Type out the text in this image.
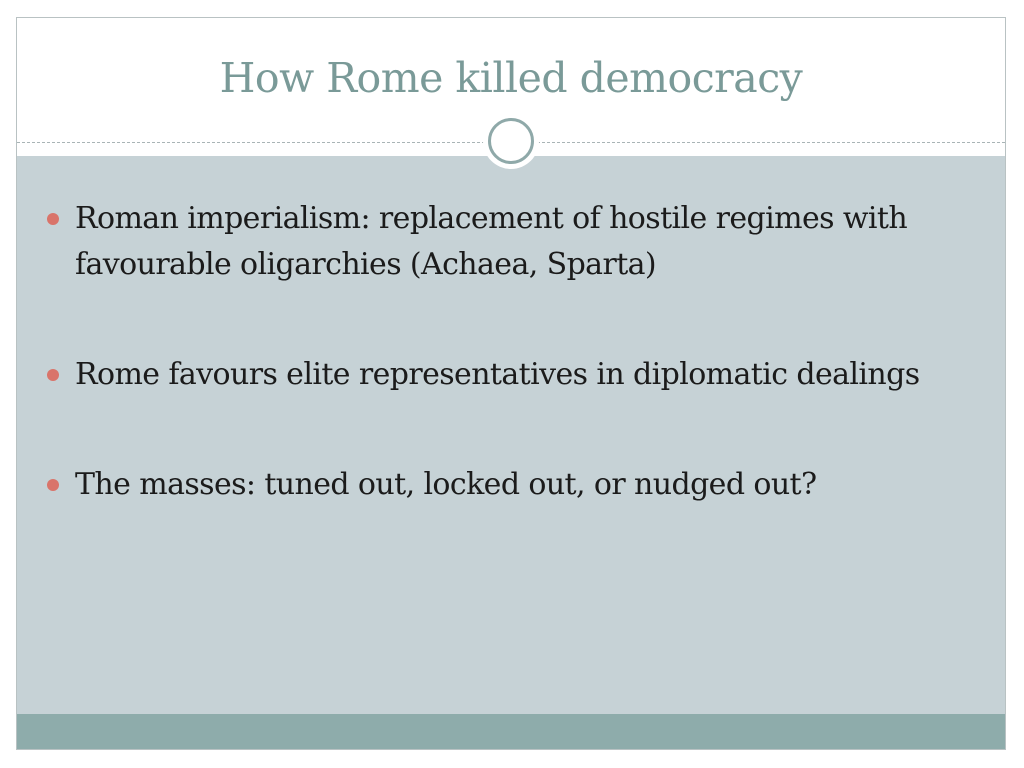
How Rome killed democracy
Roman imperialism: replacement of hostile regimes with favourable oligarchies (Achaea, Sparta)
Rome favours elite representatives in diplomatic dealings
The masses: tuned out, locked out, or nudged out?
